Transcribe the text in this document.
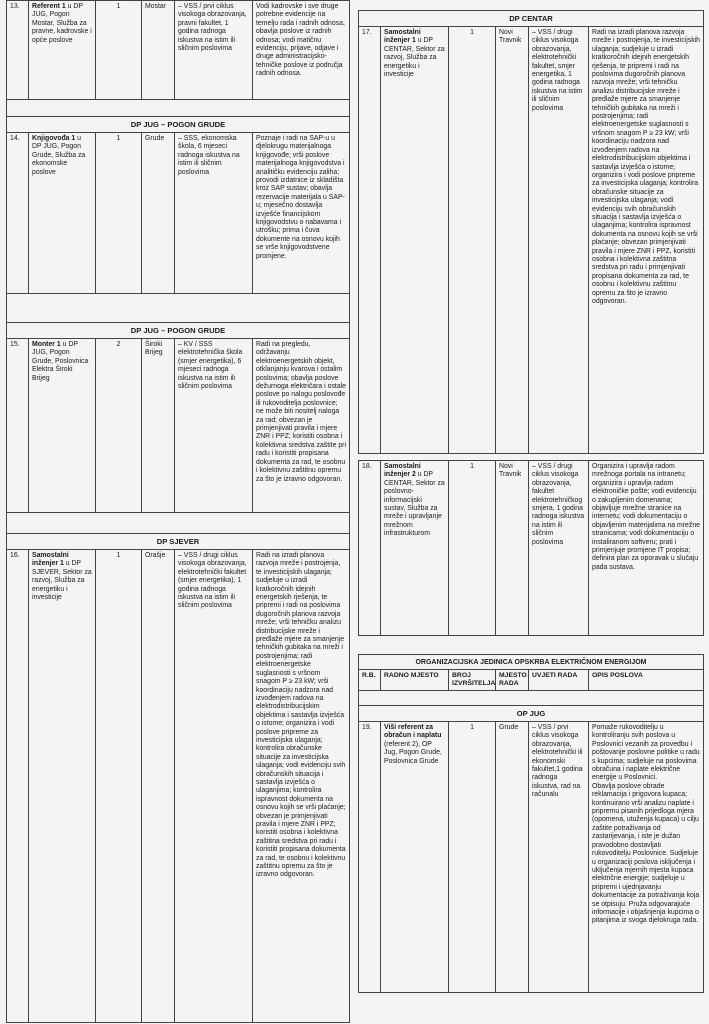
13.	Referent 1 u DP JUG, Pogon Mostar, Služba za pravne, kadrovske i opće poslove	1	Mostar	– VSS / prvi ciklus visokoga obrazovanja, pravni fakultet, 1 godina radnoga iskustva na istim ili sličnim poslovima	Vodi kadrovske i sve druge potrebne evidencije na temelju rada i radnih odnosa; obavlja poslove iz radnih odnosa; vodi matičnu evidenciju, prijave, odjave i druge administracijsko-tehničke poslove iz područja radnih odnosa.
DP JUG – POGON GRUDE
14.	Knjigovođa 1 u DP JUG, Pogon Grude, Služba za ekonomske poslove	1	Grude	– SSS, ekonomska škola, 6 mjeseci radnoga iskustva na istim ili sličnim poslovima	Poznaje i radi na SAP-u u djelokrugu materijalnoga knjigovođe; vrši poslove materijalnoga knjigovodstva i analitičku evidenciju zaliha; provodi izdatnice iz skladišta kroz SAP sustav; obavlja rezervacije materijala u SAP-u; mjesečno dostavlja izvješće financijskom knjigovodstvu o nabavama i utrošku; prima i čuva dokumente na osnovu kojih se vrše knjigovodstvene promjene.
DP JUG – POGON GRUDE
15.	Monter 1 u DP JUG, Pogon Grude, Poslovnica Elektra Široki Brijeg	2	Široki Brijeg	– KV / SSS elektrotehnička škola (smjer energetika), 6 mjeseci radnoga iskustva na istim ili sličnim poslovima	Radi na pregledu, održavanju elektroenergetskih objekt, otklanjanju kvarova i ostalim poslovima; obavlja poslove dežurnoga električara i ostale poslove po nalogu poslovođe ili rukovoditelja poslovnice; ne može biti nositelj naloga za rad; obvezan je primjenjivati pravila i mjere ZNR i PPZ; koristiti osobna i kolektivna sredstva zaštite pri radu i koristiti propisana dokumenta za rad, te osobnu i kolektivnu zaštitnu opremu za što je izravno odgovoran.
DP SJEVER
16.	Samostalni inženjer 1 u DP SJEVER, Sektor za razvoj, Služba za energetiku i investicije	1	Orašje	– VSS / drugi ciklus visokoga obrazovanja, elektrotehnički fakultet (smjer energetika), 1 godina radnoga iskustva na istim ili sličnim poslovima	Radi na izradi planova razvoja mreže i postrojenja, te investicijskih ulaganja; sudjeluje u izradi kratkoročnih idejnih energetskih rješenja, te pripremi i radi na poslovima dugoročnih planova razvoja mreže; vrši tehničku analizu distribucijske mreže i predlaže mjere za smanjenje tehničkih gubitaka na mreži i postrojenjima; radi elektroenergetske suglasnosti s vršnom snagom P ≥ 23 kW; vrši koordinaciju nadzora nad izvođenjem radova na elektrodistribucijskim objektima i sastavlja izvješća o istome; organizira i vodi poslove pripreme za investicijska ulaganja; kontrolira obračunske situacije za investicijska ulaganja; vodi evidenciju svih obračunskih situacija i sastavlja izvješća o ulaganjima; kontrolira ispravnost dokumenta na osnovu kojih se vrši plaćanje; obvezan je primjenjivati pravila i mjere ZNR i PPZ; koristiti osobna i kolektivna zaštitna sredstva pri radu i koristiti propisana dokumenta za rad, te osobnu i kolektivnu zaštitnu opremu za što je izravno odgovoran.
DP CENTAR
17.	Samostalni inženjer 1 u DP CENTAR, Sektor za razvoj, Služba za energetiku i investicije	1	Novi Travnik	– VSS / drugi ciklus visokoga obrazovanja, elektrotehnički fakultet, smjer energetika, 1 godina radnoga iskustva na istim ili sličnim poslovima	Radi na izradi planova razvoja mreže i postrojenja, te investicijskih ulaganja; sudjeluje u izradi kratkoročnih idejnih energetskih rješenja, te pripremi i radi na poslovima dugoročnih planova razvoja mreže; vrši tehničku analizu distribucijske mreže i predlaže mjere za smanjenje tehničkih gubitaka na mreži i postrojenjima; radi elektroenergetske suglasnosti s vršnom snagom P ≥ 23 kW; vrši koordinaciju nadzora nad izvođenjem radova na elektrodistribucijskim objektima i sastavlja izvješća o istome; organizira i vodi poslove pripreme za investicijska ulaganja; kontrolira obračunske situacije za investicijska ulaganja; vodi evidenciju svih obračunskih situacija i sastavlja izvješća o ulaganjima; kontrolira ispravnost dokumenta na osnovu kojih se vrši plaćanje; obvezan primjenjivati pravila i mjere ZNR i PPZ, koristiti osobna i kolektivna zaštitna sredstva pri radu i primjenjivati propisana dokumenta za rad, te osobnu i kolektivnu zaštitnu opremu za što je izravno odgovoran.
18.	Samostalni inženjer 2 u DP CENTAR, Sektor za poslovno-informacijski sustav, Služba za mreže i upravljanje mrežnom infrastrukturom	1	Novi Travnik	– VSS / drugi ciklus visokoga obrazovanja, fakultet elektrotehničkog smjera, 1 godina radnoga iskustva na istim ili sličnim poslovima	Organizira i upravlja radom mrežnoga portala na intranetu; organizira i upravlja radom elektroničke pošte; vodi evidenciju o zakupljenim domenama; objavljuje mrežne stranice na internetu; vodi dokumentaciju o objavljenim materijalima na mrežne stranicama; vodi dokumentaciju o instaliranom softveru; prati i primjenjuje promjene IT propisa; definira plan za oporavak u slučaju pada sustava.
ORGANIZACIJSKA JEDINICA OPSKRBA ELEKTRIČNOM ENERGIJOM
R.B.	RADNO MJESTO	BROJ IZVRŠITELJA	MJESTO RADA	UVJETI RADA	OPIS POSLOVA
OP JUG
19.	Viši referent za obračun i naplatu (referent 2), OP Jug, Pogon Grude, Poslovnica Grude	1	Grude	– VSS / prvi ciklus visokoga obrazovanja, elektrotehnički ili ekonomski fakultet,1 godina radnoga iskustva, rad na računalu	Pomaže rukovoditelju u kontroliranju svih poslova u Poslovnici vezanih za provedbu i poštovanje poslovne politike u radu s kupcima; sudjeluje na poslovima obračuna i naplate električne energije u Poslovnici.
Obavlja poslove obrade reklamacija i prigovora kupaca; kontinuirano vrši analizu naplate i pripremu pisanih prijedloga mjera (opomena, utuženja kupaca) u cilju zaštite potraživanja od zastarijevanja, i iste je dužan pravodobno dostavljati rukovoditelju Poslovnice. Sudjeluje u organizaciji poslova isključenja i uključenja mjernih mjesta kupaca električne energije; sudjeluje u pripremi i ujednjavanju dokumentacije za potraživanja koja se otpisuju. Pruža odgovarajuće informacije i objašnjenja kupcima o pitanjima iz svoga djelokruga rada.
